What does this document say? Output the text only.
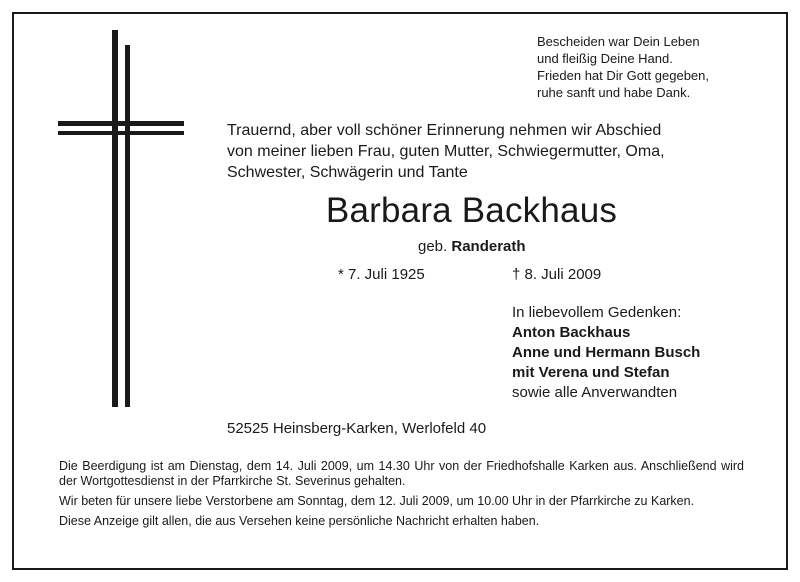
Bescheiden war Dein Leben
und fleißig Deine Hand.
Frieden hat Dir Gott gegeben,
ruhe sanft und habe Dank.
Trauernd, aber voll schöner Erinnerung nehmen wir Abschied
von meiner lieben Frau, guten Mutter, Schwiegermutter, Oma,
Schwester, Schwägerin und Tante
Barbara Backhaus
geb. Randerath
* 7. Juli 1925	† 8. Juli 2009
In liebevollem Gedenken:
Anton Backhaus
Anne und Hermann Busch
mit Verena und Stefan
sowie alle Anverwandten
52525 Heinsberg-Karken, Werlofeld 40

Die Beerdigung ist am Dienstag, dem 14. Juli 2009, um 14.30 Uhr von der Friedhofshalle Karken aus. Anschließend wird der Wortgottesdienst in der Pfarrkirche St. Severinus gehalten.

Wir beten für unsere liebe Verstorbene am Sonntag, dem 12. Juli 2009, um 10.00 Uhr in der Pfarrkirche zu Karken.

Diese Anzeige gilt allen, die aus Versehen keine persönliche Nachricht erhalten haben.
